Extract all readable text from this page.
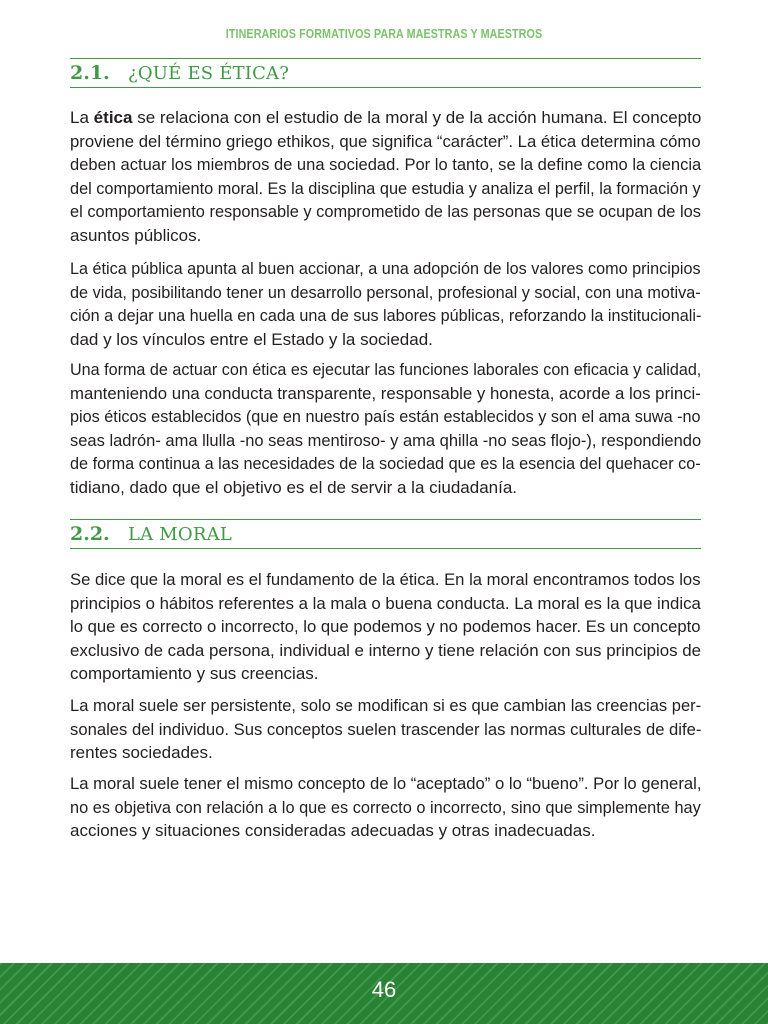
ITINERARIOS FORMATIVOS PARA MAESTRAS Y MAESTROS
2.1.	¿QUÉ ES ÉTICA?

La ética se relaciona con el estudio de la moral y de la acción humana. El concepto
proviene del término griego ethikos, que significa “carácter”. La ética determina cómo
deben actuar los miembros de una sociedad. Por lo tanto, se la define como la ciencia
del comportamiento moral. Es la disciplina que estudia y analiza el perfil, la formación y
el comportamiento responsable y comprometido de las personas que se ocupan de los
asuntos públicos.

La ética pública apunta al buen accionar, a una adopción de los valores como principios
de vida, posibilitando tener un desarrollo personal, profesional y social, con una motiva-
ción a dejar una huella en cada una de sus labores públicas, reforzando la institucionali-
dad y los vínculos entre el Estado y la sociedad.

Una forma de actuar con ética es ejecutar las funciones laborales con eficacia y calidad,
manteniendo una conducta transparente, responsable y honesta, acorde a los princi-
pios éticos establecidos (que en nuestro país están establecidos y son el ama suwa -no
seas ladrón- ama llulla -no seas mentiroso- y ama qhilla -no seas flojo-), respondiendo
de forma continua a las necesidades de la sociedad que es la esencia del quehacer co-
tidiano, dado que el objetivo es el de servir a la ciudadanía.

2.2.	LA MORAL

Se dice que la moral es el fundamento de la ética. En la moral encontramos todos los
principios o hábitos referentes a la mala o buena conducta. La moral es la que indica
lo que es correcto o incorrecto, lo que podemos y no podemos hacer. Es un concepto
exclusivo de cada persona, individual e interno y tiene relación con sus principios de
comportamiento y sus creencias.

La moral suele ser persistente, solo se modifican si es que cambian las creencias per-
sonales del individuo. Sus conceptos suelen trascender las normas culturales de dife-
rentes sociedades.

La moral suele tener el mismo concepto de lo “aceptado” o lo “bueno”. Por lo general,
no es objetiva con relación a lo que es correcto o incorrecto, sino que simplemente hay
acciones y situaciones consideradas adecuadas y otras inadecuadas.

46
